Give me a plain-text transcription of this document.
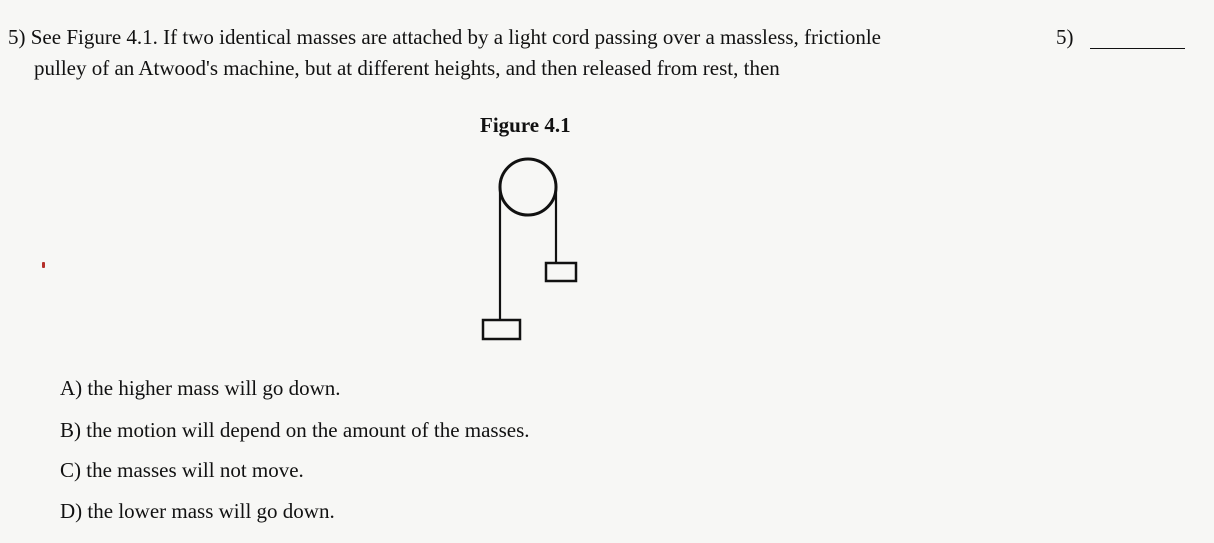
5) See Figure 4.1. If two identical masses are attached by a light cord passing over a massless, frictionle
pulley of an Atwood's machine, but at different heights, and then released from rest, then
5)
Figure 4.1
A) the higher mass will go down.
B) the motion will depend on the amount of the masses.
C) the masses will not move.
D) the lower mass will go down.
